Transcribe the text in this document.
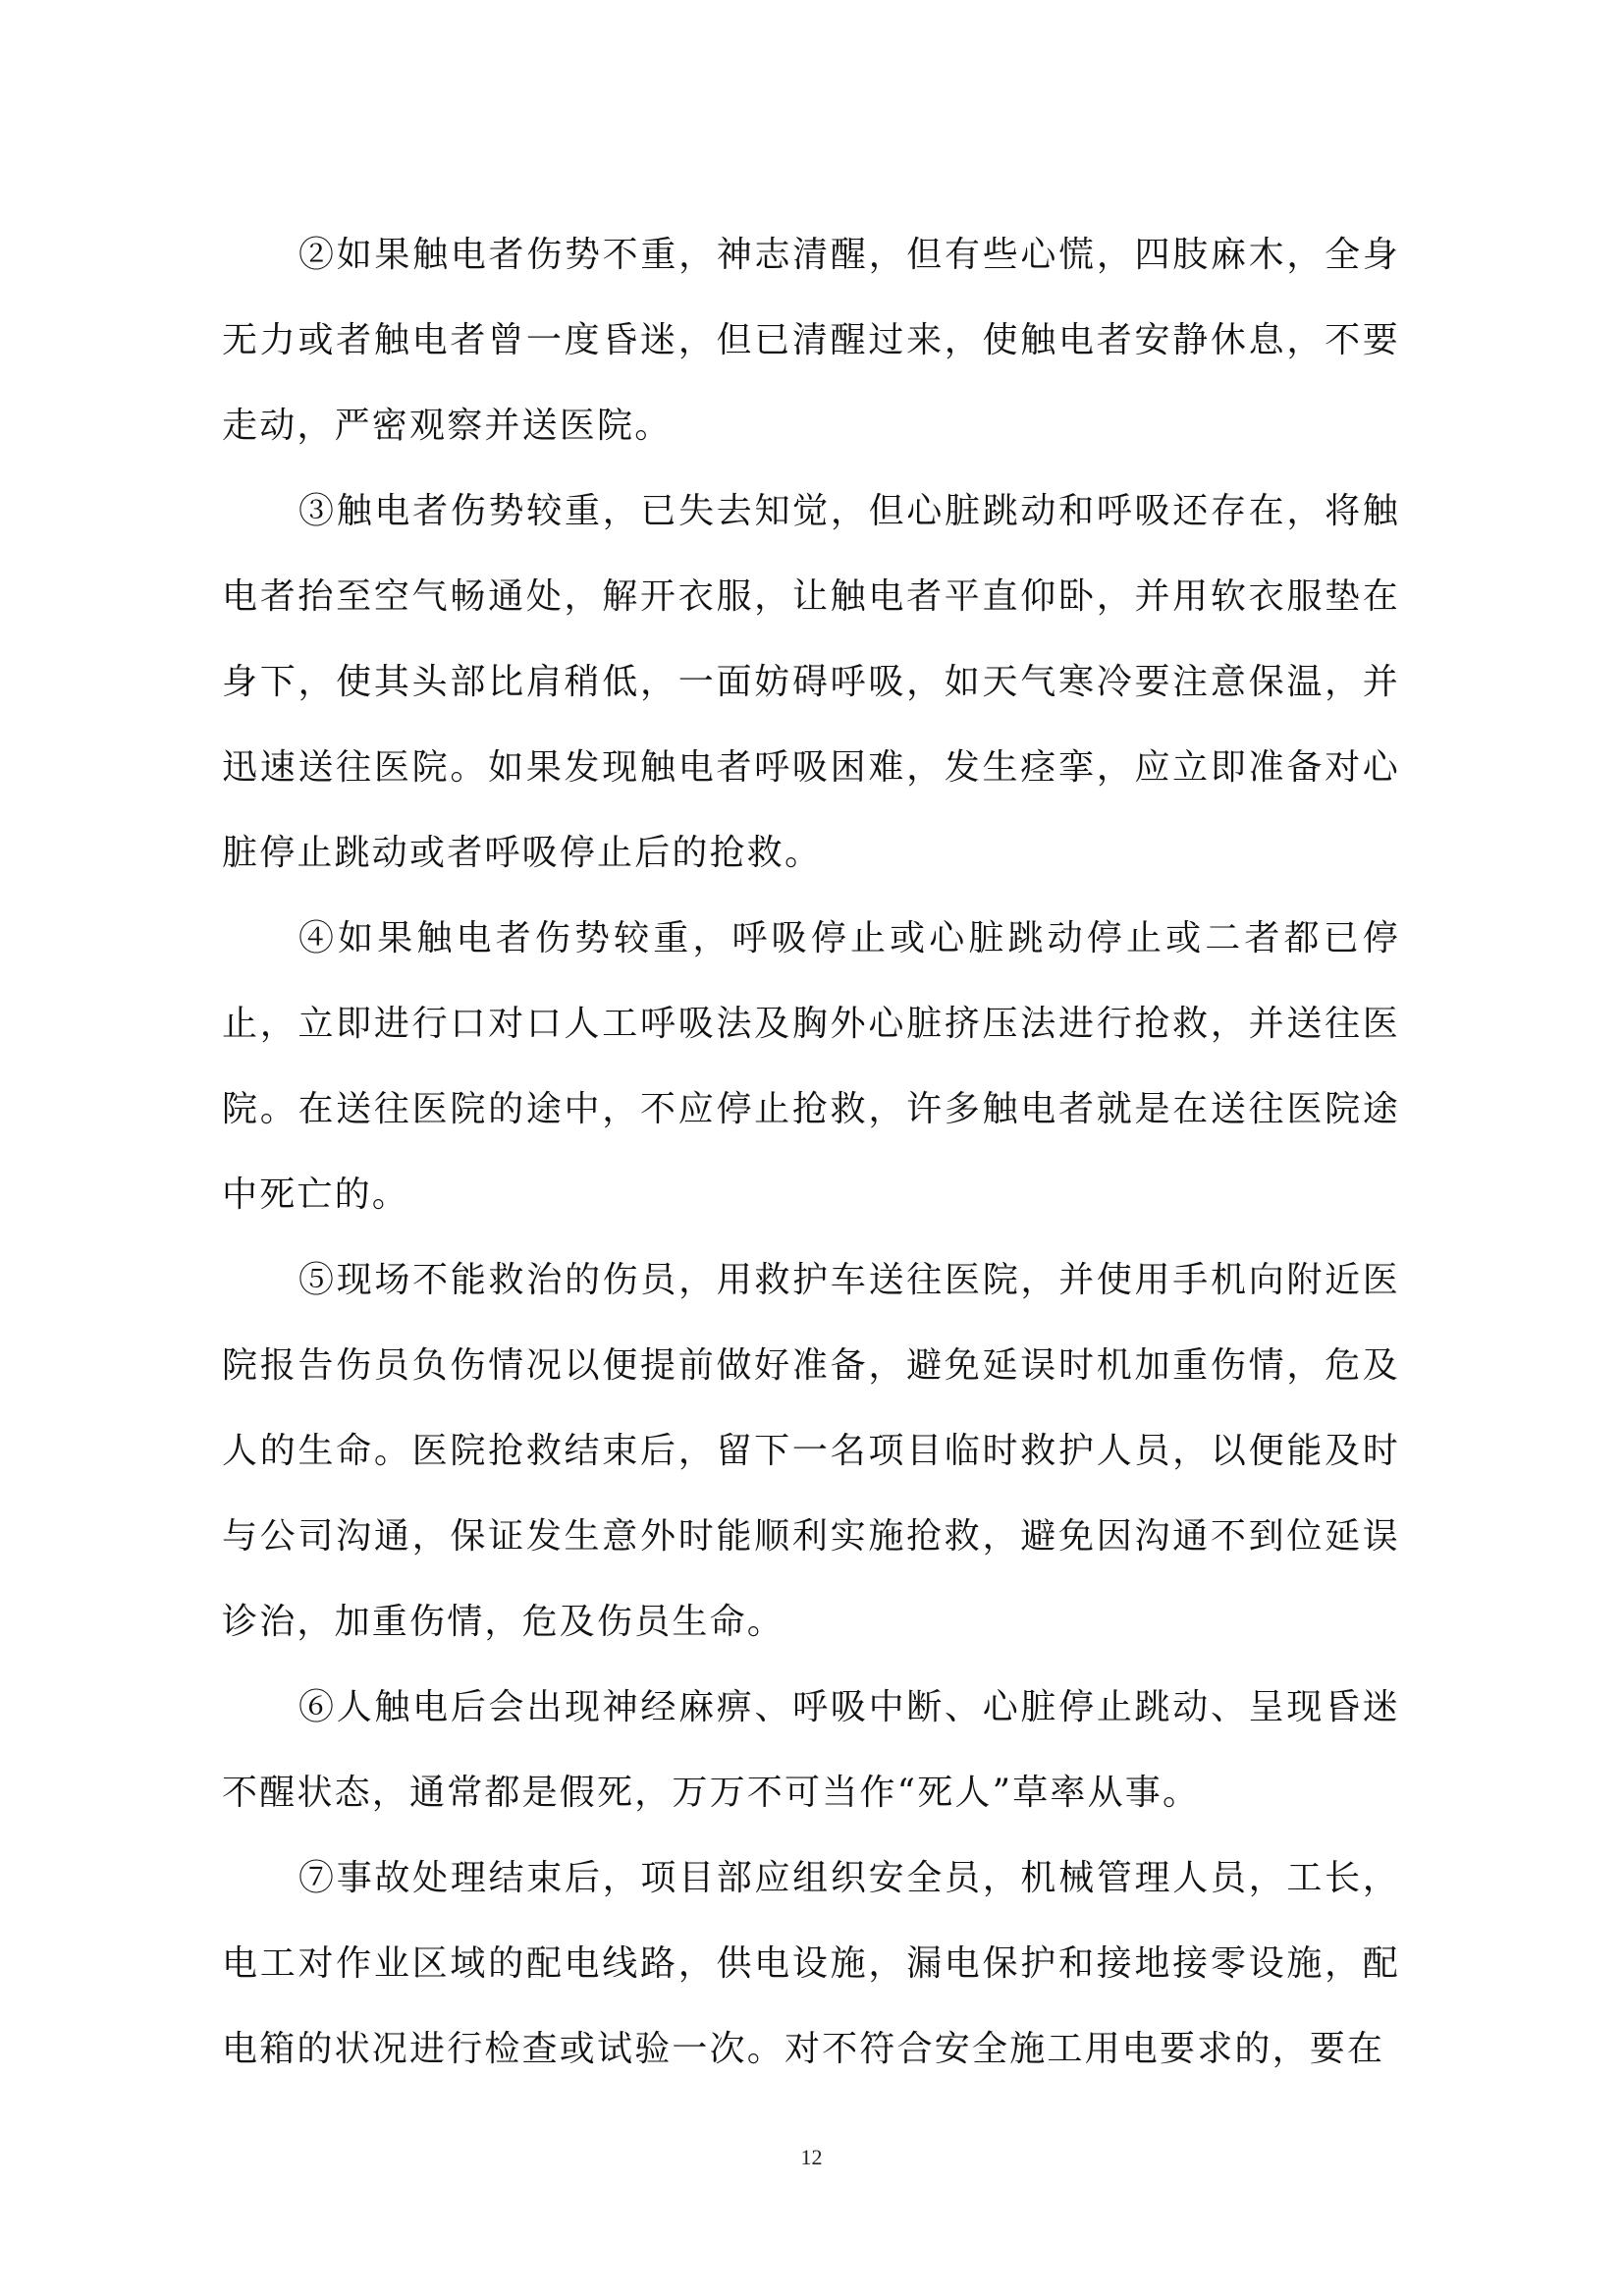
②如果触电者伤势不重，神志清醒，但有些心慌，四肢麻木，全身无力或者触电者曾一度昏迷，但已清醒过来，使触电者安静休息，不要走动，严密观察并送医院。

③触电者伤势较重，已失去知觉，但心脏跳动和呼吸还存在，将触电者抬至空气畅通处，解开衣服，让触电者平直仰卧，并用软衣服垫在身下，使其头部比肩稍低，一面妨碍呼吸，如天气寒冷要注意保温，并迅速送往医院。如果发现触电者呼吸困难，发生痉挛，应立即准备对心脏停止跳动或者呼吸停止后的抢救。

④如果触电者伤势较重，呼吸停止或心脏跳动停止或二者都已停止，立即进行口对口人工呼吸法及胸外心脏挤压法进行抢救，并送往医院。在送往医院的途中，不应停止抢救，许多触电者就是在送往医院途中死亡的。

⑤现场不能救治的伤员，用救护车送往医院，并使用手机向附近医院报告伤员负伤情况以便提前做好准备，避免延误时机加重伤情，危及人的生命。医院抢救结束后，留下一名项目临时救护人员，以便能及时与公司沟通，保证发生意外时能顺利实施抢救，避免因沟通不到位延误诊治，加重伤情，危及伤员生命。

⑥人触电后会出现神经麻痹、呼吸中断、心脏停止跳动、呈现昏迷不醒状态，通常都是假死，万万不可当作“死人”草率从事。

⑦事故处理结束后，项目部应组织安全员，机械管理人员，工长，电工对作业区域的配电线路，供电设施，漏电保护和接地接零设施，配电箱的状况进行检查或试验一次。对不符合安全施工用电要求的，要在

12
